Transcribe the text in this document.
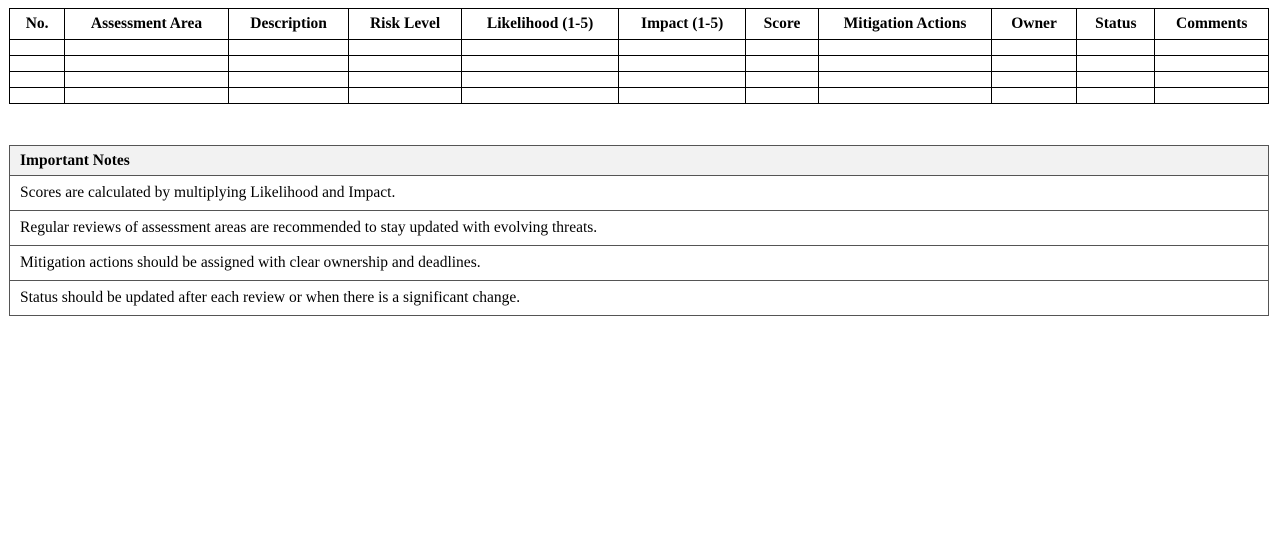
No.	Assessment Area	Description	Risk Level	Likelihood (1-5)	Impact (1-5)	Score	Mitigation Actions	Owner	Status	Comments

Important Notes
Scores are calculated by multiplying Likelihood and Impact.
Regular reviews of assessment areas are recommended to stay updated with evolving threats.
Mitigation actions should be assigned with clear ownership and deadlines.
Status should be updated after each review or when there is a significant change.
